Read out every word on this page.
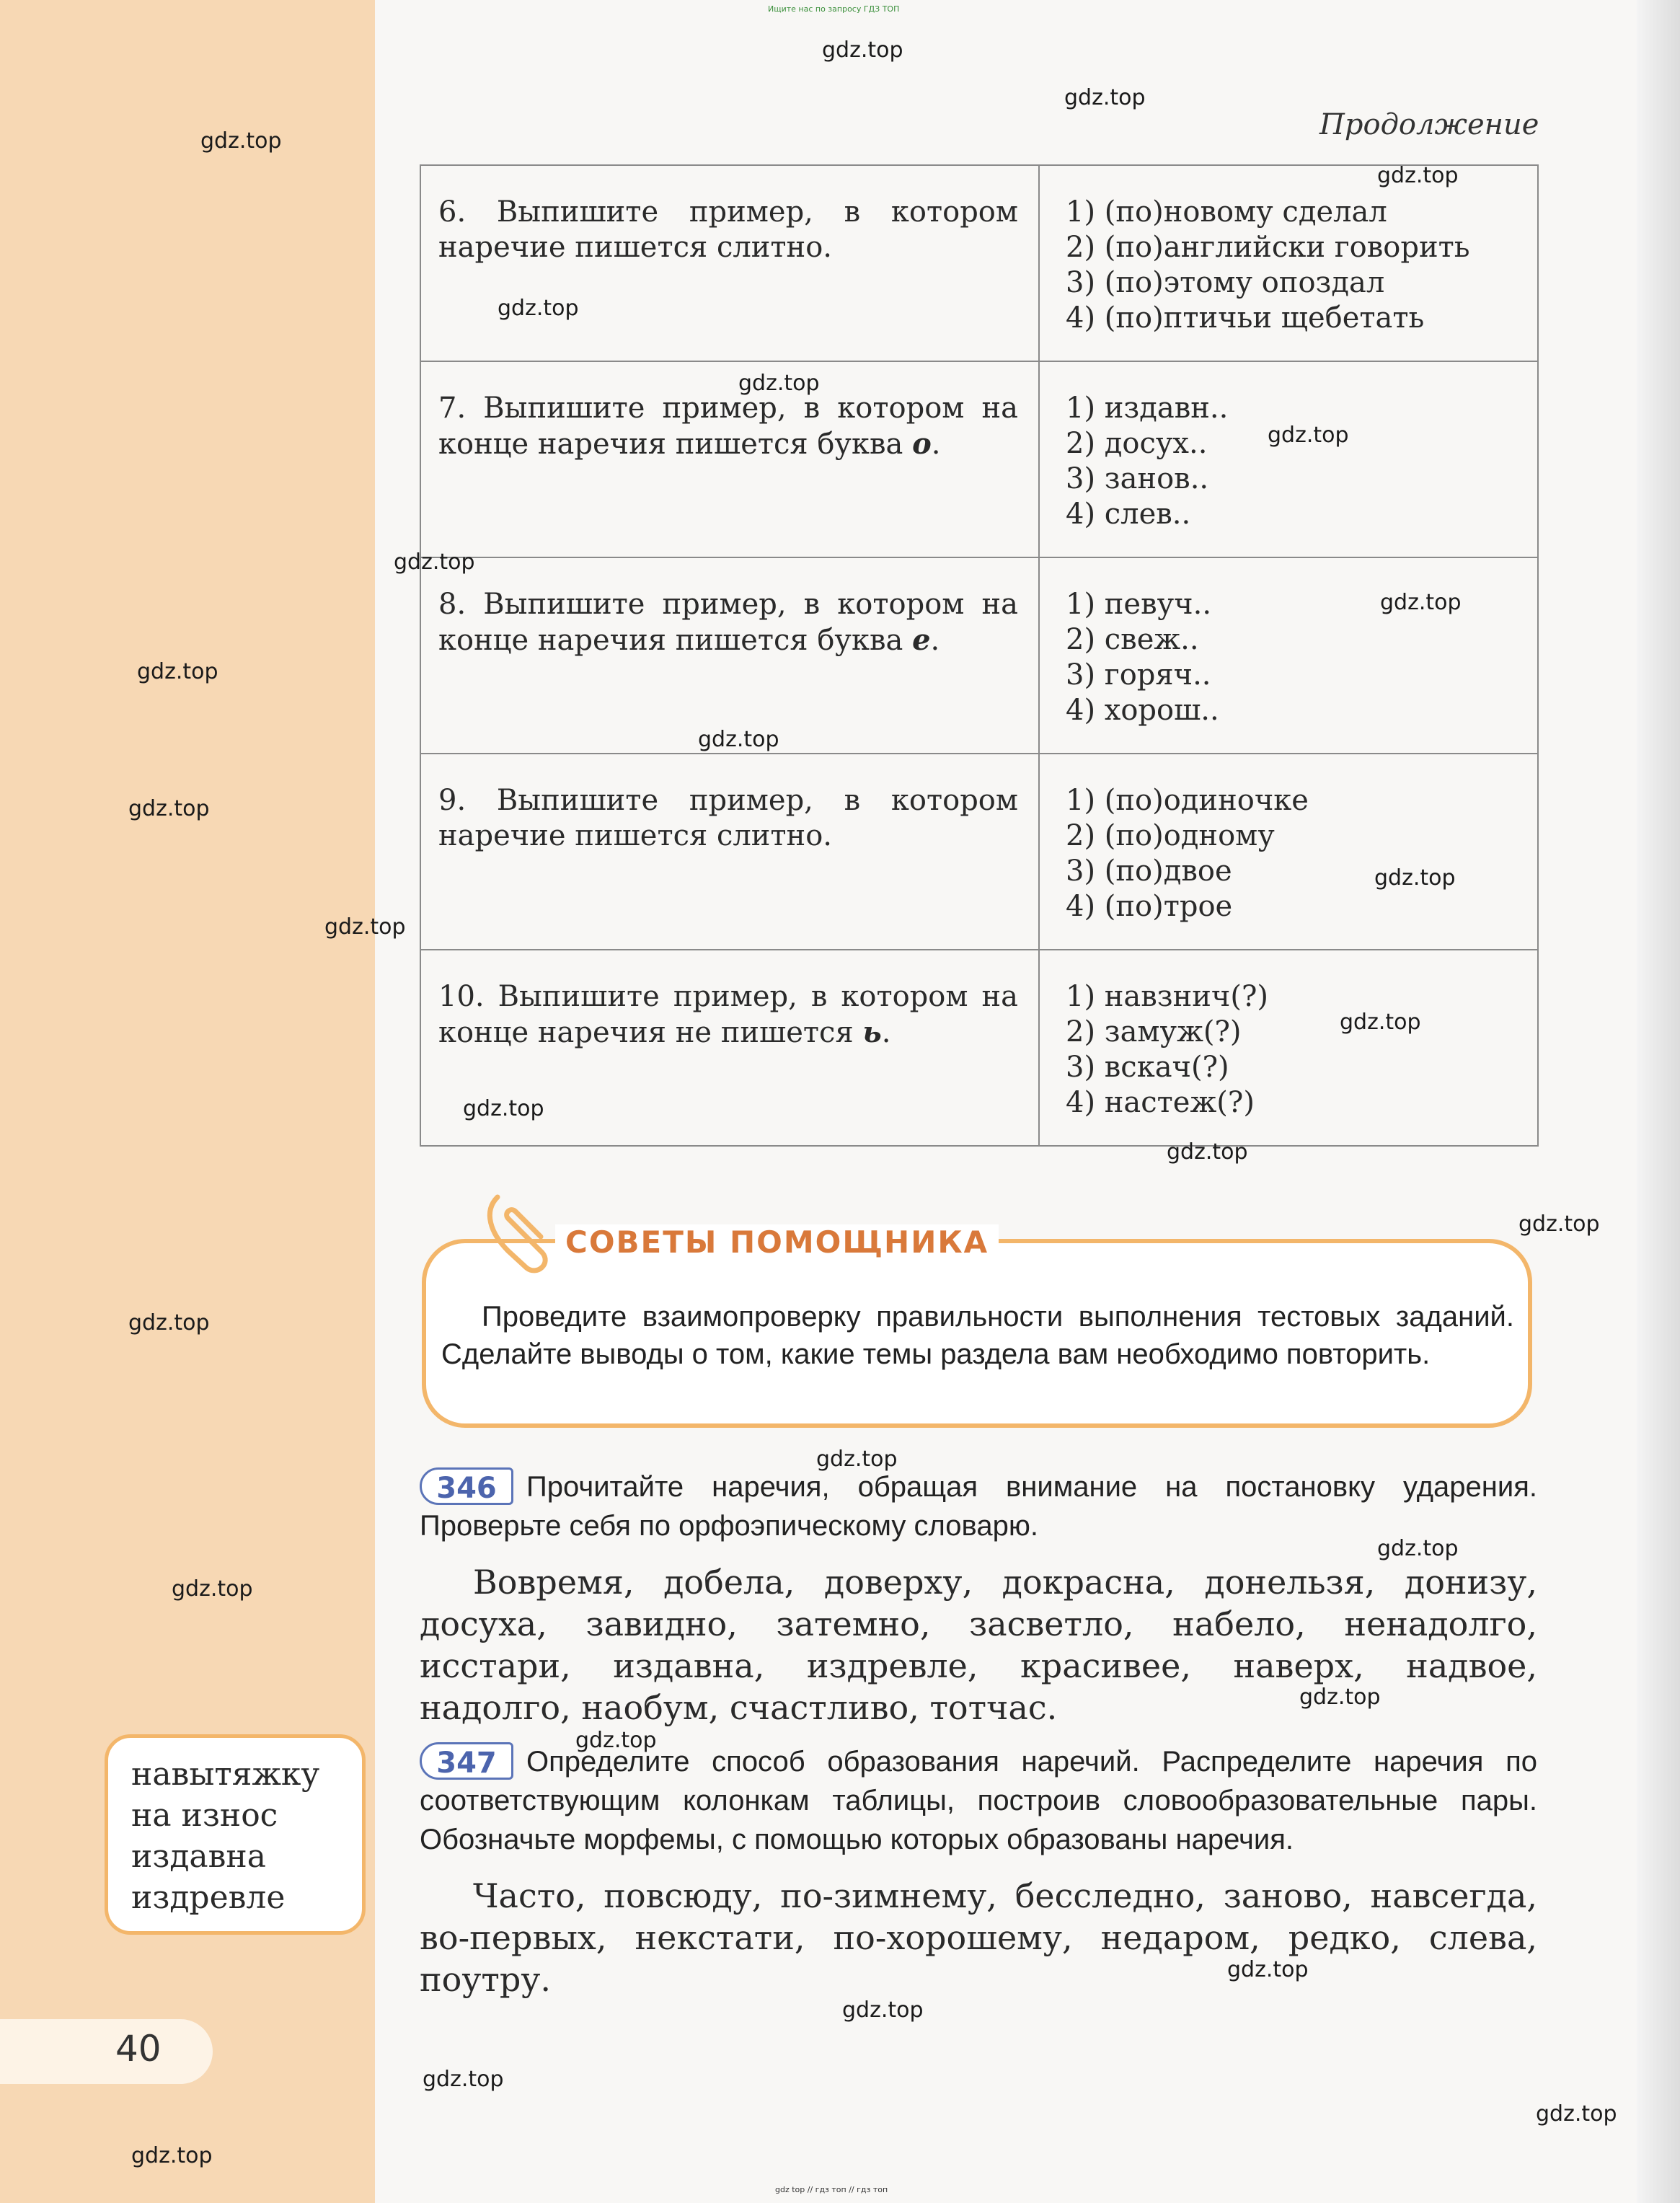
Ищите нас по запросу ГДЗ ТОП
Продолжение
6. Выпишите пример, в котором наречие пишется слитно.	1) (по)новому сделал
2) (по)английски говорить
3) (по)этому опоздал
4) (по)птичьи щебетать

7. Выпишите пример, в котором на конце наречия пишется буква о.	1) издавн..
2) досух..
3) занов..
4) слев..

8. Выпишите пример, в котором на конце наречия пишется буква е.	1) певуч..
2) свеж..
3) горяч..
4) хорош..

9. Выпишите пример, в котором наречие пишется слитно.	1) (по)одиночке
2) (по)одному
3) (по)двое
4) (по)трое

10. Выпишите пример, в котором на конце наречия не пишется ь.	1) навзнич(?)
2) замуж(?)
3) вскач(?)
4) настеж(?)
СОВЕТЫ ПОМОЩНИКА
Проведите взаимопроверку правильности выполнения тестовых заданий. Сделайте выводы о том, какие темы раздела вам необходимо повторить.
346 Прочитайте наречия, обращая внимание на постановку ударения. Проверьте себя по орфоэпическому словарю.
Вовремя, добела, доверху, докрасна, донельзя, донизу, досуха, завидно, затемно, засветло, набело, ненадолго, исстари, издавна, издревле, красивее, наверх, надвое, надолго, наобум, счастливо, тотчас.
347 Определите способ образования наречий. Распределите наречия по соответствующим колонкам таблицы, построив словообразовательные пары. Обозначьте морфемы, с помощью которых образованы наречия.
Часто, повсюду, по-зимнему, бесследно, заново, навсегда, во-первых, некстати, по-хорошему, недаром, редко, слева, поутру.
навытяжку
на износ
издавна
издревле
40
gdz top // гдз топ // гдз топ
gdz.top
gdz.top
gdz.top
gdz.top
gdz.top
gdz.top
gdz.top
gdz.top
gdz.top
gdz.top
gdz.top
gdz.top
gdz.top
gdz.top
gdz.top
gdz.top
gdz.top
gdz.top
gdz.top
gdz.top
gdz.top
gdz.top
gdz.top
gdz.top
gdz.top
gdz.top
gdz.top
gdz.top
gdz.top
